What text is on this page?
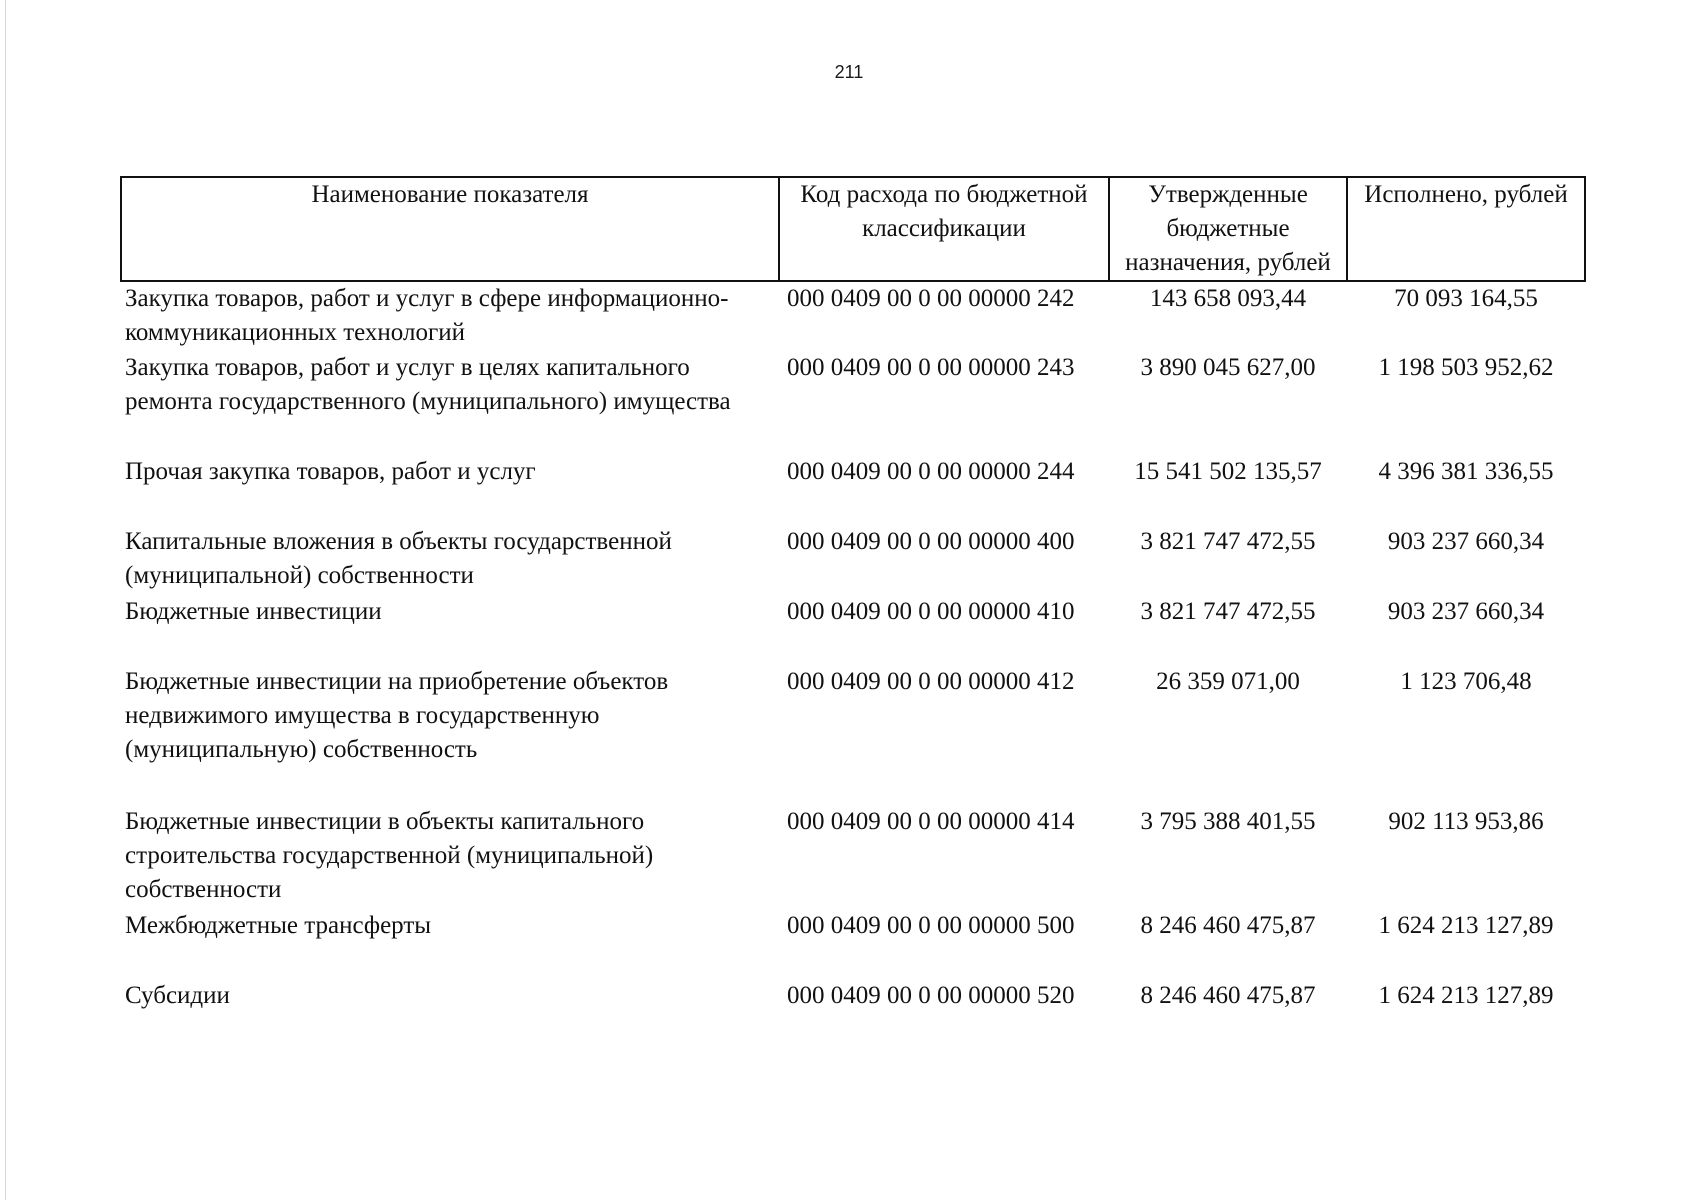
211
Наименование показателя	Код расхода по бюджетной классификации	Утвержденные бюджетные назначения, рублей	Исполнено, рублей
Закупка товаров, работ и услуг в сфере информационно-коммуникационных технологий	000 0409 00 0 00 00000 242	143 658 093,44	70 093 164,55
Закупка товаров, работ и услуг в целях капитального ремонта государственного (муниципального) имущества	000 0409 00 0 00 00000 243	3 890 045 627,00	1 198 503 952,62
Прочая закупка товаров, работ и услуг	000 0409 00 0 00 00000 244	15 541 502 135,57	4 396 381 336,55
Капитальные вложения в объекты государственной (муниципальной) собственности	000 0409 00 0 00 00000 400	3 821 747 472,55	903 237 660,34
Бюджетные инвестиции	000 0409 00 0 00 00000 410	3 821 747 472,55	903 237 660,34
Бюджетные инвестиции на приобретение объектов недвижимого имущества в государственную (муниципальную) собственность	000 0409 00 0 00 00000 412	26 359 071,00	1 123 706,48
Бюджетные инвестиции в объекты капитального строительства государственной (муниципальной) собственности	000 0409 00 0 00 00000 414	3 795 388 401,55	902 113 953,86
Межбюджетные трансферты	000 0409 00 0 00 00000 500	8 246 460 475,87	1 624 213 127,89
Субсидии	000 0409 00 0 00 00000 520	8 246 460 475,87	1 624 213 127,89
